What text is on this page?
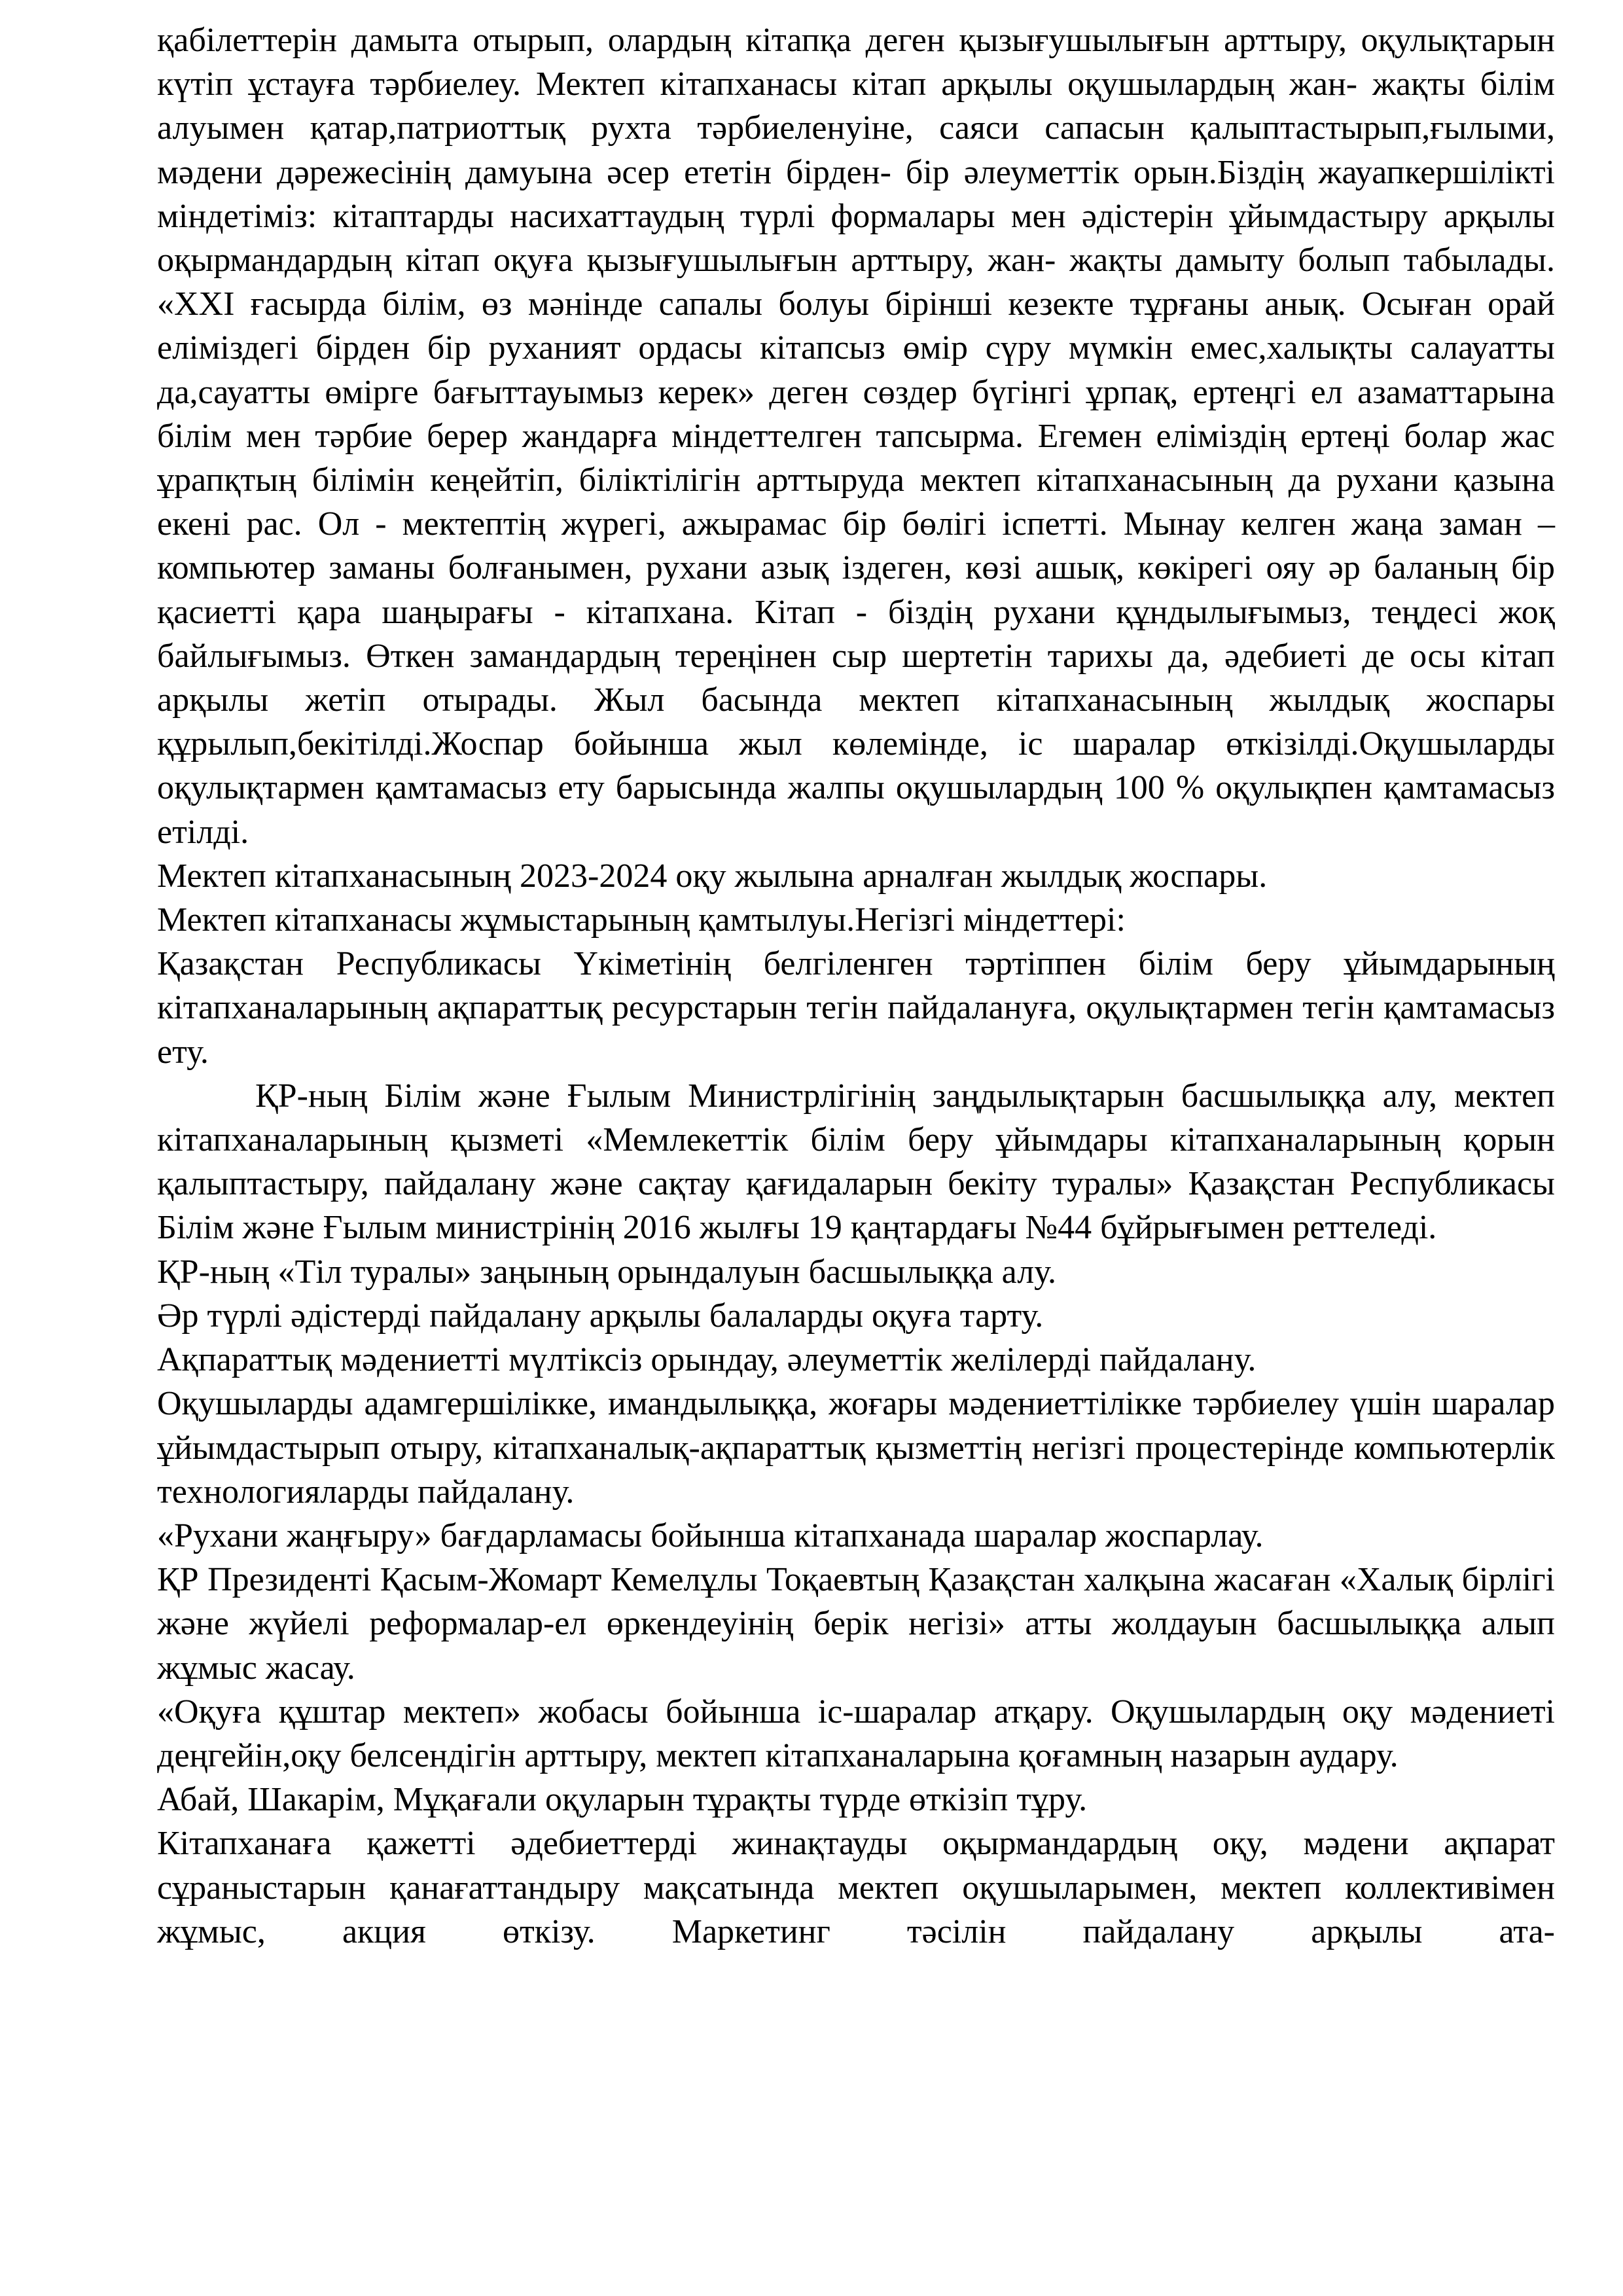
қабілеттерін дамыта отырып, олардың кітапқа деген қызығушылығын арттыру, оқулықтарын күтіп ұстауға тәрбиелеу. Мектеп кітапханасы кітап арқылы оқушылардың жан- жақты білім алуымен қатар,патриоттық рухта тәрбиеленуіне, саяси сапасын қалыптастырып,ғылыми, мәдени дәрежесінің дамуына әсер ететін бірден- бір әлеуметтік орын.Біздің жауапкершілікті міндетіміз: кітаптарды насихаттаудың түрлі формалары мен әдістерін ұйымдастыру арқылы оқырмандардың кітап оқуға қызығушылығын арттыру, жан- жақты дамыту болып табылады. «XXI ғасырда білім, өз мәнінде сапалы болуы бірінші кезекте тұрғаны анық. Осыған орай еліміздегі бірден бір руханият ордасы кітапсыз өмір сүру мүмкін емес,халықты салауатты да,сауатты өмірге бағыттауымыз керек» деген сөздер бүгінгі ұрпақ, ертеңгі ел азаматтарына білім мен тәрбие берер жандарға міндеттелген тапсырма. Егемен еліміздің ертеңі болар жас ұрапқтың білімін кеңейтіп, біліктілігін арттыруда мектеп кітапханасының да рухани қазына екені рас. Ол - мектептің жүрегі, ажырамас бір бөлігі іспетті. Мынау келген жаңа заман – компьютер заманы болғанымен, рухани азық іздеген, көзі ашық, көкірегі ояу әр баланың бір қасиетті қара шаңырағы - кітапхана. Кітап - біздің рухани құндылығымыз, теңдесі жоқ байлығымыз. Өткен замандардың тереңінен сыр шертетін тарихы да, әдебиеті де осы кітап арқылы жетіп отырады. Жыл басында мектеп кітапханасының жылдық жоспары құрылып,бекітілді.Жоспар бойынша жыл көлемінде, іс шаралар өткізілді.Оқушыларды оқулықтармен қамтамасыз ету барысында жалпы оқушылардың 100 % оқулықпен қамтамасыз етілді.

Мектеп кітапханасының 2023-2024 оқу жылына арналған жылдық жоспары.

Мектеп кітапханасы жұмыстарының қамтылуы.Негізгі міндеттері:

Қазақстан Республикасы Үкіметінің белгіленген тәртіппен білім беру ұйымдарының кітапханаларының ақпараттық ресурстарын тегін пайдалануға, оқулықтармен тегін қамтамасыз ету.

ҚР-ның Білім және Ғылым Министрлігінің заңдылықтарын басшылыққа алу, мектеп кітапханаларының қызметі «Мемлекеттік білім беру ұйымдары кітапханаларының қорын қалыптастыру, пайдалану және сақтау қағидаларын бекіту туралы» Қазақстан Республикасы Білім және Ғылым министрінің 2016 жылғы 19 қаңтардағы №44 бұйрығымен реттеледі.

ҚР-ның «Тіл туралы» заңының орындалуын басшылыққа алу.

Әр түрлі әдістерді пайдалану арқылы балаларды оқуға тарту.

Ақпараттық мәдениетті мүлтіксіз орындау, әлеуметтік желілерді пайдалану.

Оқушыларды адамгершілікке, имандылыққа, жоғары мәдениеттілікке тәрбиелеу үшін шаралар ұйымдастырып отыру, кітапханалық-ақпараттық қызметтің негізгі процестерінде компьютерлік технологияларды пайдалану.

«Рухани жаңғыру» бағдарламасы бойынша кітапханада шаралар жоспарлау.

ҚР Президенті Қасым-Жомарт Кемелұлы Тоқаевтың Қазақстан халқына жасаған «Халық бірлігі және жүйелі реформалар-ел өркендеуінің берік негізі» атты жолдауын басшылыққа алып жұмыс жасау.

«Оқуға құштар мектеп» жобасы бойынша іс-шаралар атқару. Оқушылардың оқу мәдениеті деңгейін,оқу белсендігін арттыру, мектеп кітапханаларына қоғамның назарын аудару.

Абай, Шакарім, Мұқағали оқуларын тұрақты түрде өткізіп тұру.

Кітапханаға қажетті әдебиеттерді жинақтауды оқырмандардың оқу, мәдени ақпарат сұраныстарын қанағаттандыру мақсатында мектеп оқушыларымен, мектеп коллективімен жұмыс, акция өткізу. Маркетинг тәсілін пайдалану арқылы ата-
